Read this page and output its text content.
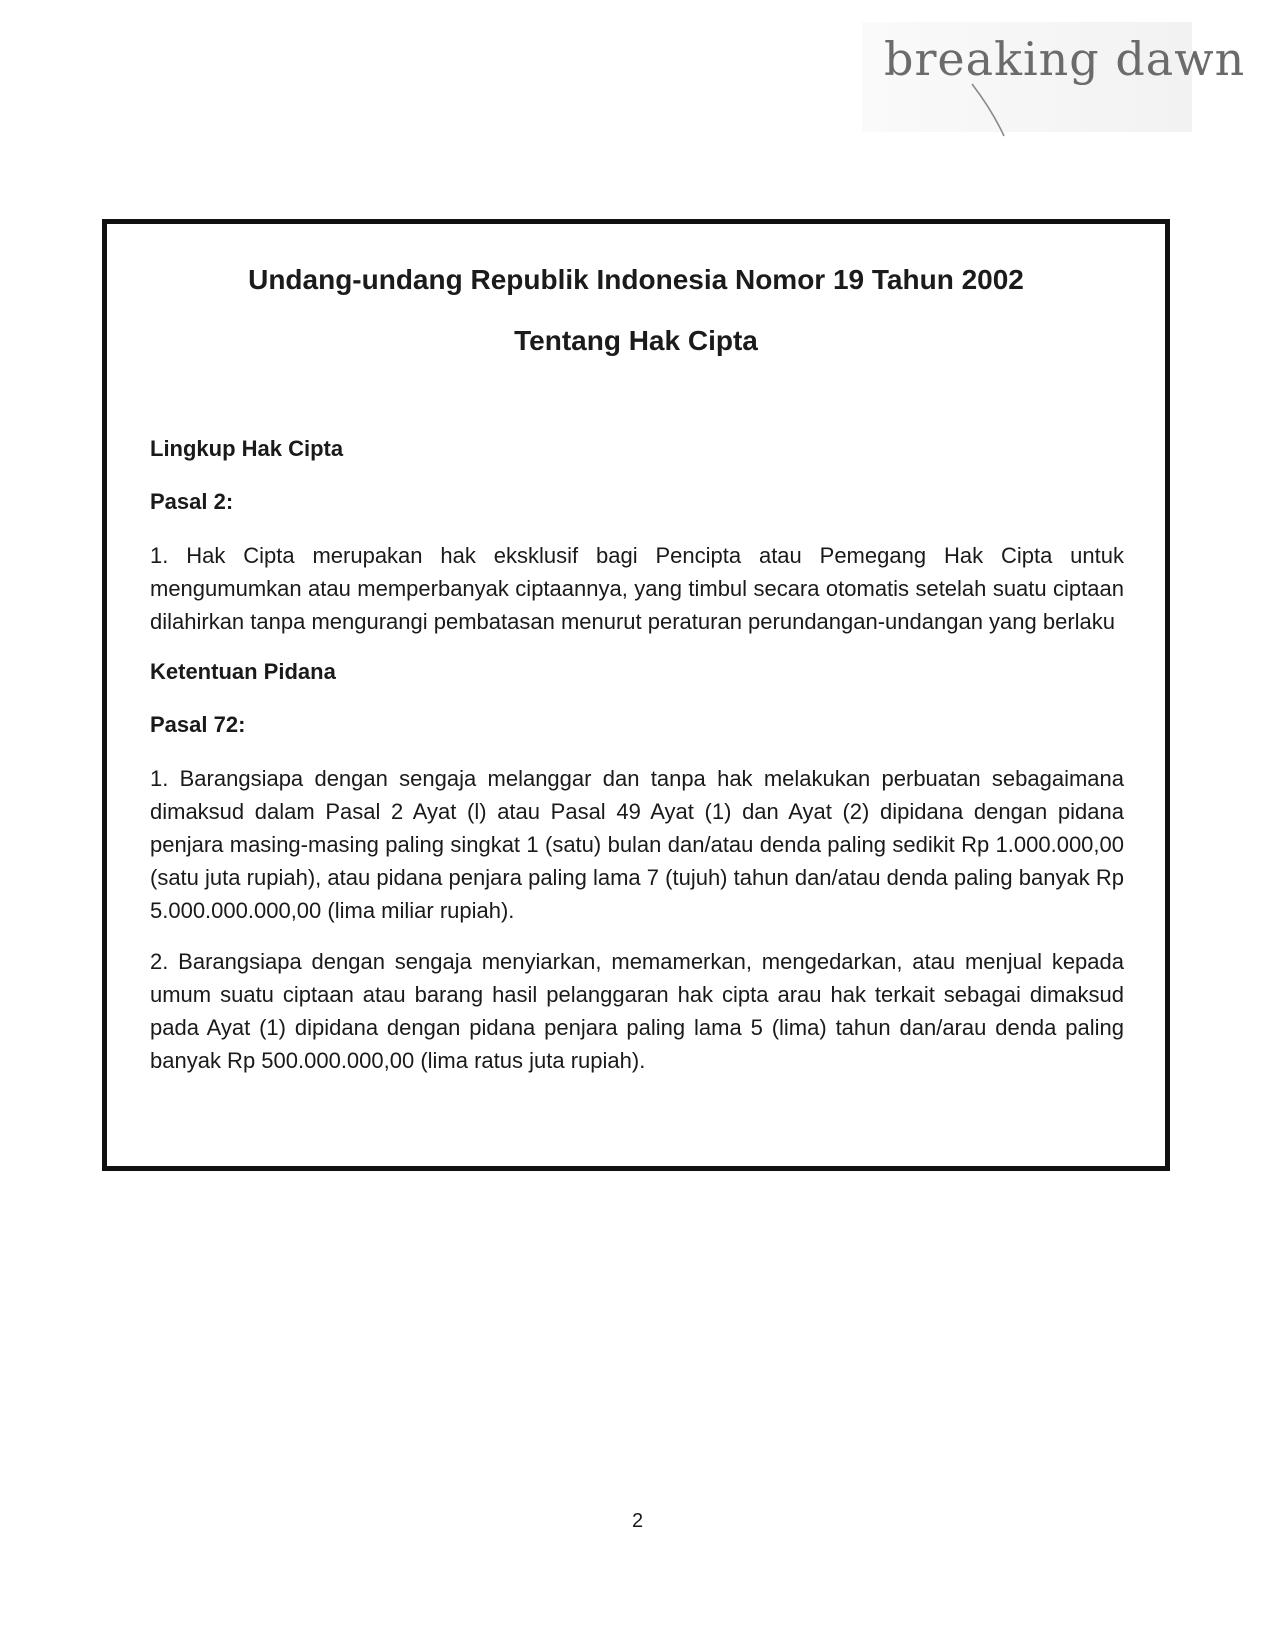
breaking dawn
Undang-undang Republik Indonesia Nomor 19 Tahun 2002
Tentang Hak Cipta

Lingkup Hak Cipta

Pasal 2:

1. Hak Cipta merupakan hak eksklusif bagi Pencipta atau Pemegang Hak Cipta untuk mengumumkan atau memperbanyak ciptaannya, yang timbul secara otomatis setelah suatu ciptaan dilahirkan tanpa mengurangi pembatasan menurut peraturan perundangan-undangan yang berlaku

Ketentuan Pidana

Pasal 72:

1. Barangsiapa dengan sengaja melanggar dan tanpa hak melakukan perbuatan sebagaimana dimaksud dalam Pasal 2 Ayat (l) atau Pasal 49 Ayat (1) dan Ayat (2) dipidana dengan pidana penjara masing-masing paling singkat 1 (satu) bulan dan/atau denda paling sedikit Rp 1.000.000,00 (satu juta rupiah), atau pidana penjara paling lama 7 (tujuh) tahun dan/atau denda paling banyak Rp 5.000.000.000,00 (lima miliar rupiah).

2. Barangsiapa dengan sengaja menyiarkan, memamerkan, mengedarkan, atau menjual kepada umum suatu ciptaan atau barang hasil pelanggaran hak cipta arau hak terkait sebagai dimaksud pada Ayat (1) dipidana dengan pidana penjara paling lama 5 (lima) tahun dan/arau denda paling banyak Rp 500.000.000,00 (lima ratus juta rupiah).

2
